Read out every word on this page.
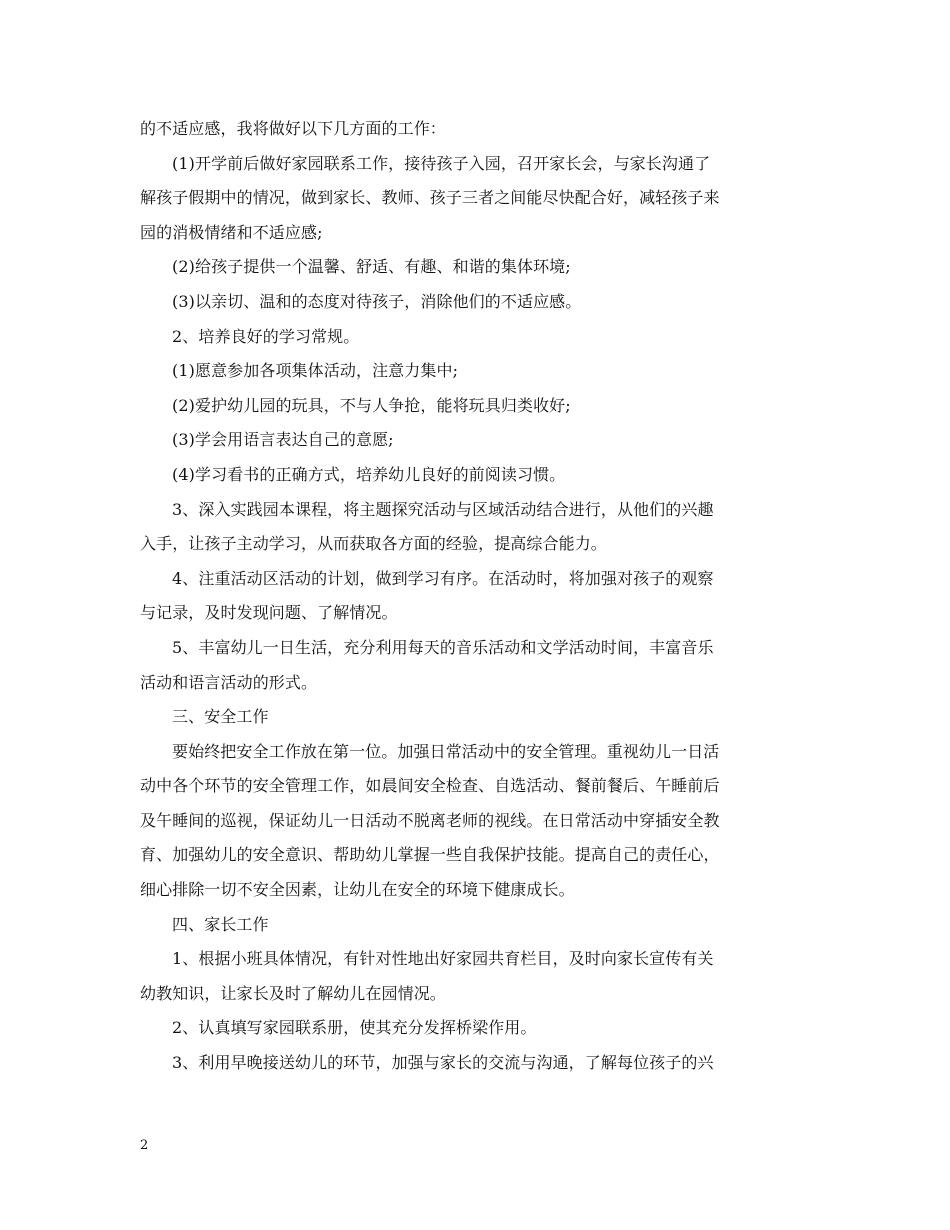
的不适应感，我将做好以下几方面的工作：
(1)开学前后做好家园联系工作，接待孩子入园，召开家长会，与家长沟通了
解孩子假期中的情况，做到家长、教师、孩子三者之间能尽快配合好，减轻孩子来
园的消极情绪和不适应感;
(2)给孩子提供一个温馨、舒适、有趣、和谐的集体环境;
(3)以亲切、温和的态度对待孩子，消除他们的不适应感。
2、培养良好的学习常规。
(1)愿意参加各项集体活动，注意力集中;
(2)爱护幼儿园的玩具，不与人争抢，能将玩具归类收好;
(3)学会用语言表达自己的意愿;
(4)学习看书的正确方式，培养幼儿良好的前阅读习惯。
3、深入实践园本课程，将主题探究活动与区域活动结合进行，从他们的兴趣
入手，让孩子主动学习，从而获取各方面的经验，提高综合能力。
4、注重活动区活动的计划，做到学习有序。在活动时，将加强对孩子的观察
与记录，及时发现问题、了解情况。
5、丰富幼儿一日生活，充分利用每天的音乐活动和文学活动时间，丰富音乐
活动和语言活动的形式。
三、安全工作
要始终把安全工作放在第一位。加强日常活动中的安全管理。重视幼儿一日活
动中各个环节的安全管理工作，如晨间安全检查、自选活动、餐前餐后、午睡前后
及午睡间的巡视，保证幼儿一日活动不脱离老师的视线。在日常活动中穿插安全教
育、加强幼儿的安全意识、帮助幼儿掌握一些自我保护技能。提高自己的责任心，
细心排除一切不安全因素，让幼儿在安全的环境下健康成长。
四、家长工作
1、根据小班具体情况，有针对性地出好家园共育栏目，及时向家长宣传有关
幼教知识，让家长及时了解幼儿在园情况。
2、认真填写家园联系册，使其充分发挥桥梁作用。
3、利用早晚接送幼儿的环节，加强与家长的交流与沟通，了解每位孩子的兴
2
